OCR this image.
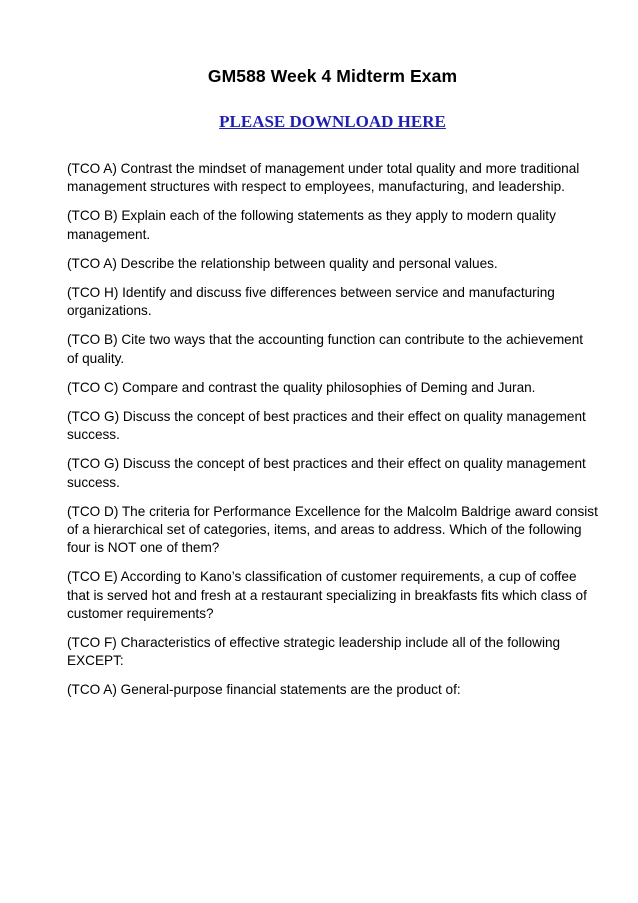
GM588 Week 4 Midterm Exam
PLEASE DOWNLOAD HERE
(TCO A) Contrast the mindset of management under total quality and more traditional management structures with respect to employees, manufacturing, and leadership.
(TCO B) Explain each of the following statements as they apply to modern quality management.
(TCO A) Describe the relationship between quality and personal values.
(TCO H) Identify and discuss five differences between service and manufacturing organizations.
(TCO B) Cite two ways that the accounting function can contribute to the achievement of quality.
(TCO C) Compare and contrast the quality philosophies of Deming and Juran.
(TCO G) Discuss the concept of best practices and their effect on quality management success.
(TCO G) Discuss the concept of best practices and their effect on quality management success.
(TCO D) The criteria for Performance Excellence for the Malcolm Baldrige award consist of a hierarchical set of categories, items, and areas to address. Which of the following four is NOT one of them?
(TCO E) According to Kano’s classification of customer requirements, a cup of coffee that is served hot and fresh at a restaurant specializing in breakfasts fits which class of customer requirements?
(TCO F) Characteristics of effective strategic leadership include all of the following EXCEPT:
(TCO A) General-purpose financial statements are the product of:
